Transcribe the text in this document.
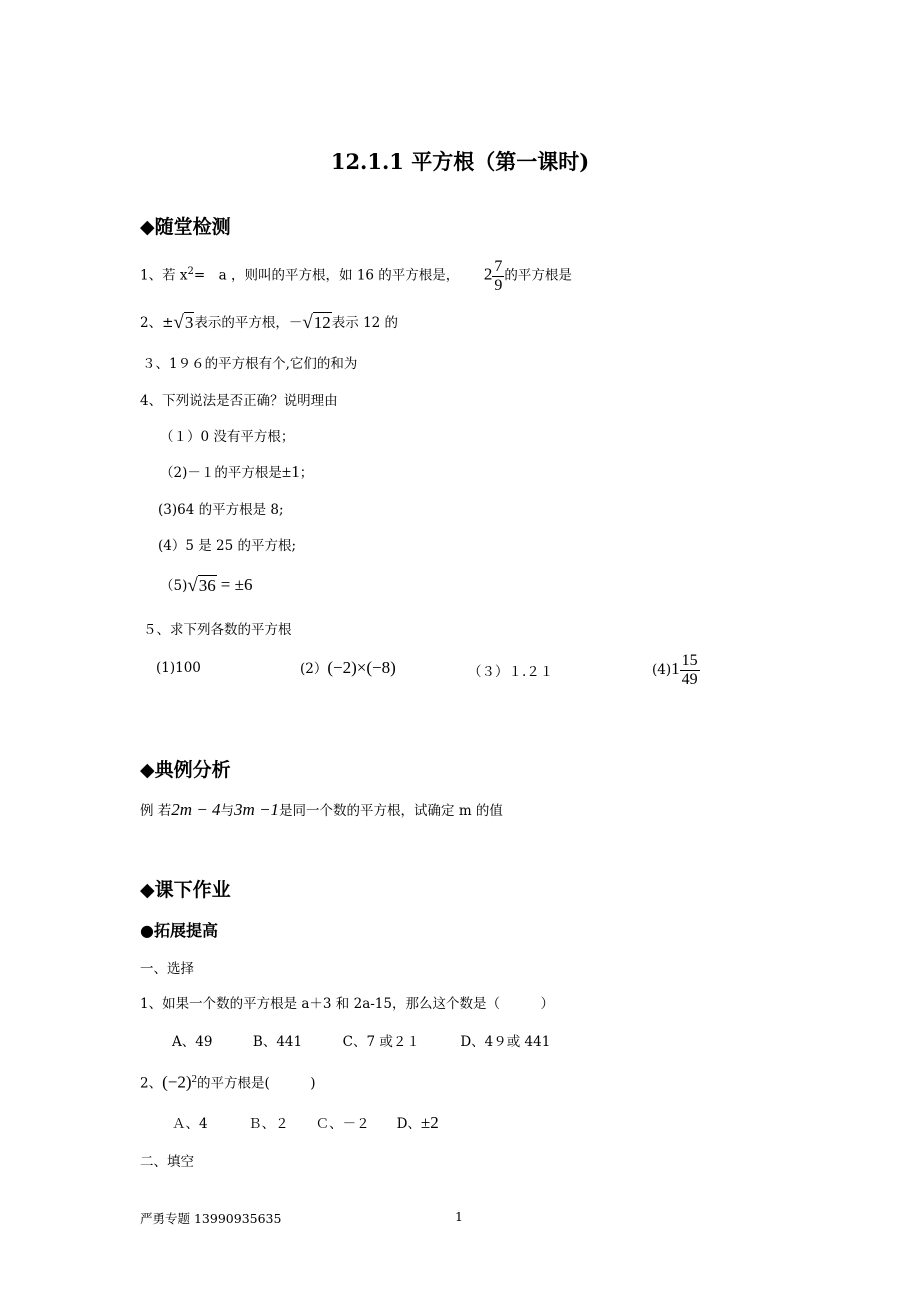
12.1.1 平方根（第一课时)
◆随堂检测
1、若 $x^2=$　a ，则叫的平方根，如 16 的平方根是， $2 \frac{7}{9}$ 的平方根是
2、±√3表示的平方根，－√12表示 12 的
３、1９６的平方根有个,它们的和为
4、下列说法是否正确？说明理由
（１）0 没有平方根；
（2)－１的平方根是±1；
(3)64 的平方根是 8;
(4）5 是 25 的平方根;
（5)√36 = ±6
５、求下列各数的平方根
(1)100	(2）(−2)×(−8)	（３）１.２１	$(4)1 \frac{15}{49}$
◆典例分析
例 若2m − 4与3m −1是同一个数的平方根，试确定 m 的值
◆课下作业
●拓展提高
一、选择
1、如果一个数的平方根是 a＋3 和 2a-15，那么这个数是（　　　）
A、49　　　B、441　　　C、7 或２１　　　D、4９或 441
2、$(-2)^2$的平方根是(　　　)
Ａ、4　　　Ｂ、２　　Ｃ、－２　　D、±2
二、填空
严勇专题 13990935635	1
